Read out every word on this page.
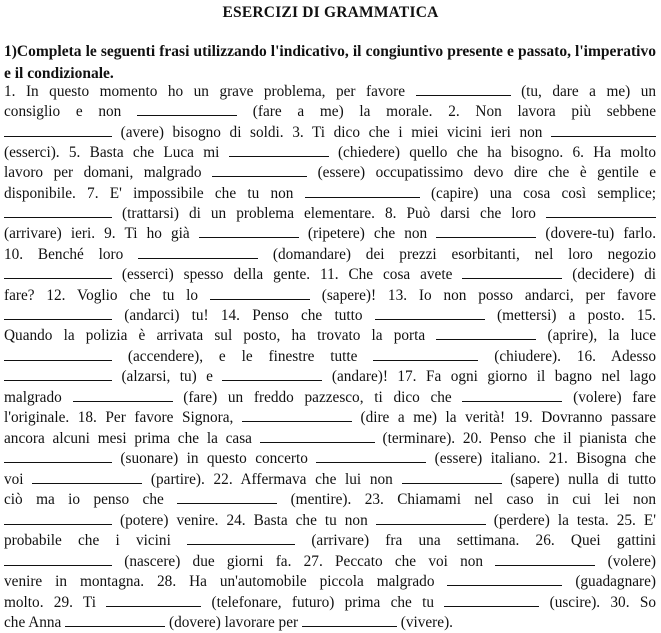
ESERCIZI DI GRAMMATICA
1)Completa le seguenti frasi utilizzando l'indicativo, il congiuntivo presente e passato, l'imperativo e il condizionale.
1. In questo momento ho un grave problema, per favore	(tu, dare a me) un
consiglio e non	(fare a me) la morale. 2. Non lavora più sebbene
(avere) bisogno di soldi. 3. Ti dico che i miei vicini ieri non
(esserci). 5. Basta che Luca mi	(chiedere) quello che ha bisogno. 6. Ha molto
lavoro per domani, malgrado	(essere) occupatissimo devo dire che è gentile e
disponibile. 7. E' impossibile che tu non	(capire) una cosa così semplice;
(trattarsi) di un problema elementare. 8. Può darsi che loro
(arrivare) ieri. 9. Ti ho già	(ripetere) che non	(dovere-tu) farlo.
10. Benché loro	(domandare) dei prezzi esorbitanti, nel loro negozio
(esserci) spesso della gente. 11. Che cosa avete	(decidere) di
fare? 12. Voglio che tu lo	(sapere)! 13. Io non posso andarci, per favore
(andarci) tu! 14. Penso che tutto	(mettersi) a posto. 15.
Quando la polizia è arrivata sul posto, ha trovato la porta	(aprire), la luce
(accendere), e le finestre tutte	(chiudere). 16. Adesso
(alzarsi, tu) e	(andare)! 17. Fa ogni giorno il bagno nel lago
malgrado	(fare) un freddo pazzesco, ti dico che	(volere) fare
l'originale. 18. Per favore Signora,	(dire a me) la verità! 19. Dovranno passare
ancora alcuni mesi prima che la casa	(terminare). 20. Penso che il pianista che
(suonare) in questo concerto	(essere) italiano. 21. Bisogna che
voi	(partire). 22. Affermava che lui non	(sapere) nulla di tutto
ciò ma io penso che	(mentire). 23. Chiamami nel caso in cui lei non
(potere) venire. 24. Basta che tu non	(perdere) la testa. 25. E'
probabile che i vicini	(arrivare) fra una settimana. 26. Quei gattini
(nascere) due giorni fa. 27. Peccato che voi non	(volere)
venire in montagna. 28. Ha un'automobile piccola malgrado	(guadagnare)
molto. 29. Ti	(telefonare, futuro) prima che tu	(uscire). 30. So
che Anna	(dovere) lavorare per	(vivere).
